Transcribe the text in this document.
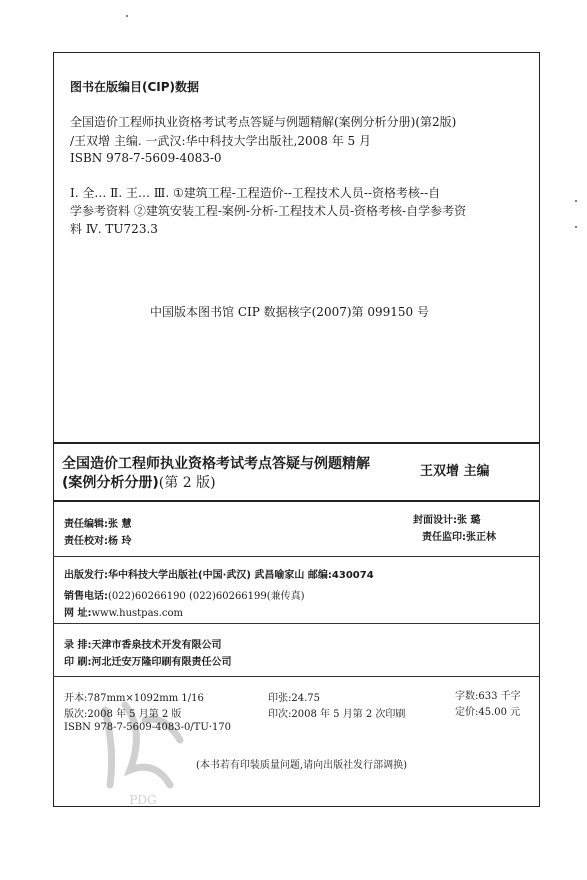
图书在版编目(CIP)数据
全国造价工程师执业资格考试考点答疑与例题精解(案例分析分册)(第2版)
/王双增 主编. 一武汉:华中科技大学出版社,2008 年 5 月
ISBN 978-7-5609-4083-0
Ⅰ. 全… Ⅱ. 王… Ⅲ. ①建筑工程-工程造价--工程技术人员--资格考核--自
学参考资料 ②建筑安装工程-案例-分析-工程技术人员-资格考核-自学参考资
料 Ⅳ. TU723.3
中国版本图书馆 CIP 数据核字(2007)第 099150 号
全国造价工程师执业资格考试考点答疑与例题精解
(案例分析分册)(第 2 版)
王双增 主编
责任编辑:张 慧
责任校对:杨 玲
封面设计:张 璐
责任监印:张正林
出版发行:华中科技大学出版社(中国·武汉) 武昌喻家山 邮编:430074
销售电话:(022)60266190 (022)60266199(兼传真)
网 址:www.hustpas.com
录 排:天津市香泉技术开发有限公司
印 刷:河北迁安万隆印刷有限责任公司
开本:787mm×1092mm 1/16	印张:24.75	字数:633 千字
版次:2008 年 5 月第 2 版	印次:2008 年 5 月第 2 次印刷	定价:45.00 元
ISBN 978-7-5609-4083-0/TU·170
(本书若有印装质量问题,请向出版社发行部调换)
PDG
